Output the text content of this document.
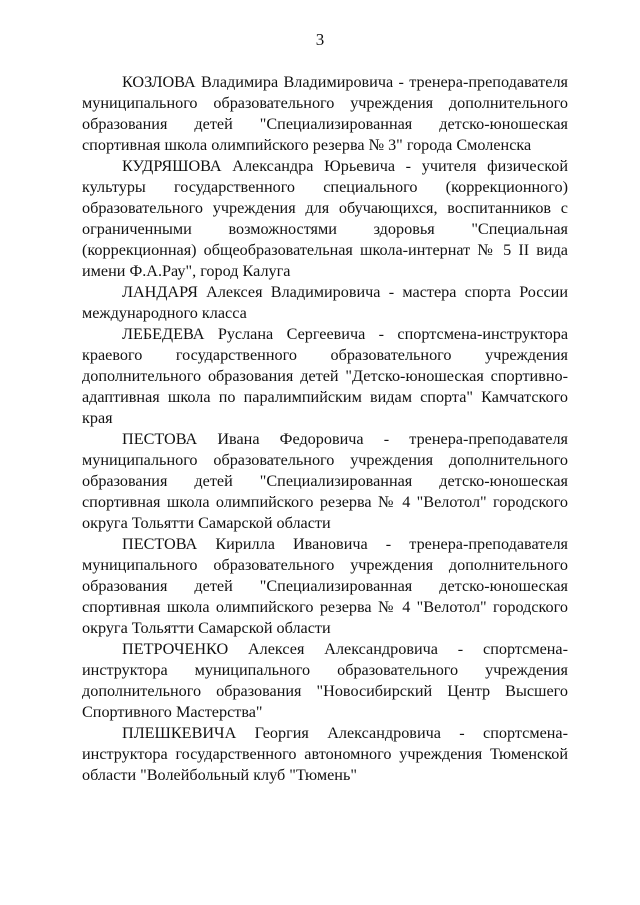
3

КОЗЛОВА Владимира Владимировича - тренера-преподавателя муниципального образовательного учреждения дополнительного образования детей "Специализированная детско-юношеская спортивная школа олимпийского резерва № 3" города Смоленска

КУДРЯШОВА Александра Юрьевича - учителя физической культуры государственного специального (коррекционного) образовательного учреждения для обучающихся, воспитанников с ограниченными возможностями здоровья "Специальная (коррекционная) общеобразовательная школа-интернат № 5 II вида имени Ф.А.Рау", город Калуга

ЛАНДАРЯ Алексея Владимировича - мастера спорта России международного класса

ЛЕБЕДЕВА Руслана Сергеевича - спортсмена-инструктора краевого государственного образовательного учреждения дополнительного образования детей "Детско-юношеская спортивно-адаптивная школа по паралимпийским видам спорта" Камчатского края

ПЕСТОВА Ивана Федоровича - тренера-преподавателя муниципального образовательного учреждения дополнительного образования детей "Специализированная детско-юношеская спортивная школа олимпийского резерва № 4 "Велотол" городского округа Тольятти Самарской области

ПЕСТОВА Кирилла Ивановича - тренера-преподавателя муниципального образовательного учреждения дополнительного образования детей "Специализированная детско-юношеская спортивная школа олимпийского резерва № 4 "Велотол" городского округа Тольятти Самарской области

ПЕТРОЧЕНКО Алексея Александровича - спортсмена-инструктора муниципального образовательного учреждения дополнительного образования "Новосибирский Центр Высшего Спортивного Мастерства"

ПЛЕШКЕВИЧА Георгия Александровича - спортсмена-инструктора государственного автономного учреждения Тюменской области "Волейбольный клуб "Тюмень"
